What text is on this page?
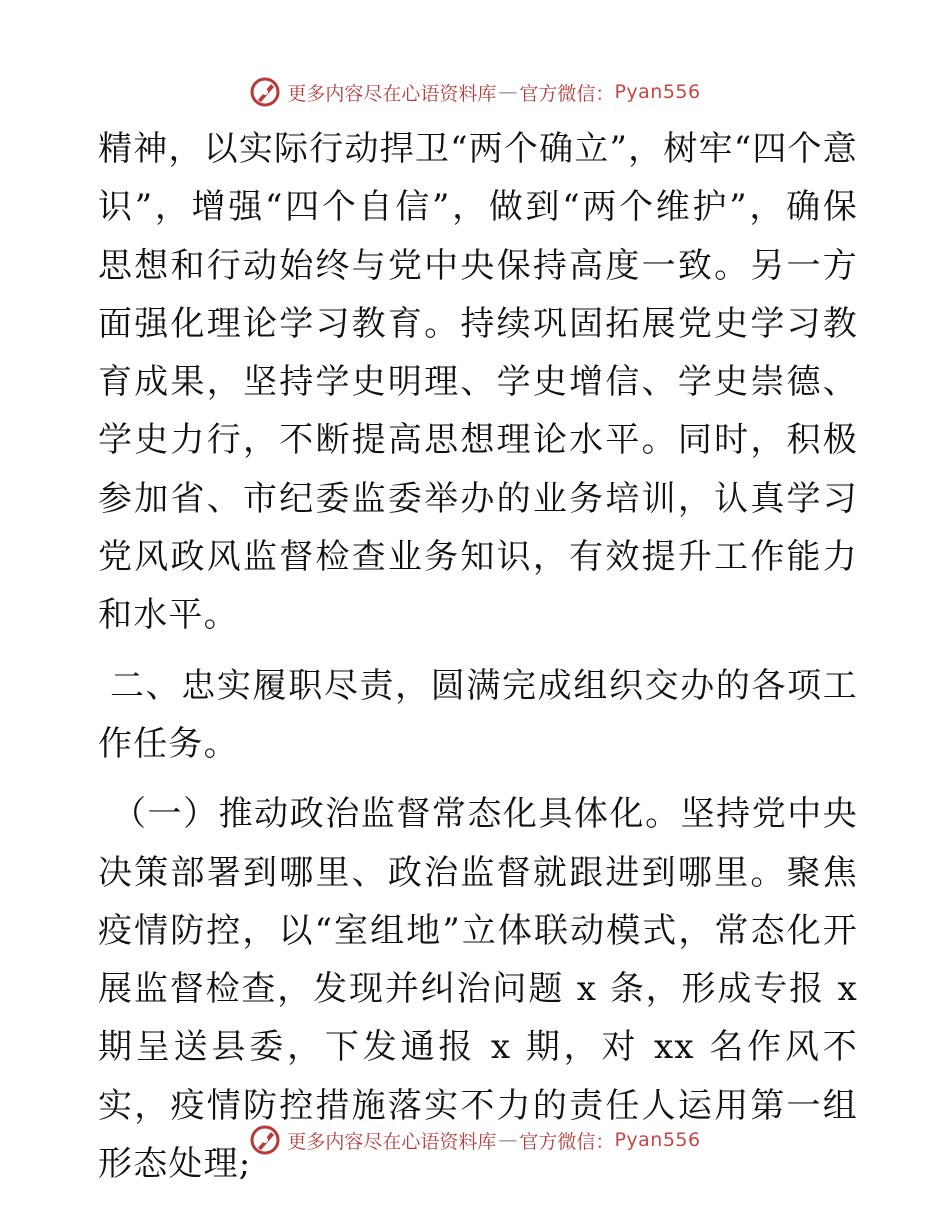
更多内容尽在心语资料库 — 官方微信： Pyan556

精神，以实际行动捍卫“两个确立”，树牢“四个意识”，增强“四个自信”，做到“两个维护”，确保思想和行动始终与党中央保持高度一致。另一方面强化理论学习教育。持续巩固拓展党史学习教育成果，坚持学史明理、学史增信、学史崇德、学史力行，不断提高思想理论水平。同时，积极参加省、市纪委监委举办的业务培训，认真学习党风政风监督检查业务知识，有效提升工作能力和水平。

二、忠实履职尽责，圆满完成组织交办的各项工作任务。

（一）推动政治监督常态化具体化。坚持党中央决策部署到哪里、政治监督就跟进到哪里。聚焦疫情防控，以“室组地”立体联动模式，常态化开展监督检查，发现并纠治问题 x 条，形成专报 x 期呈送县委，下发通报 x 期，对 xx 名作风不实，疫情防控措施落实不力的责任人运用第一组形态处理;

更多内容尽在心语资料库 — 官方微信： Pyan556
